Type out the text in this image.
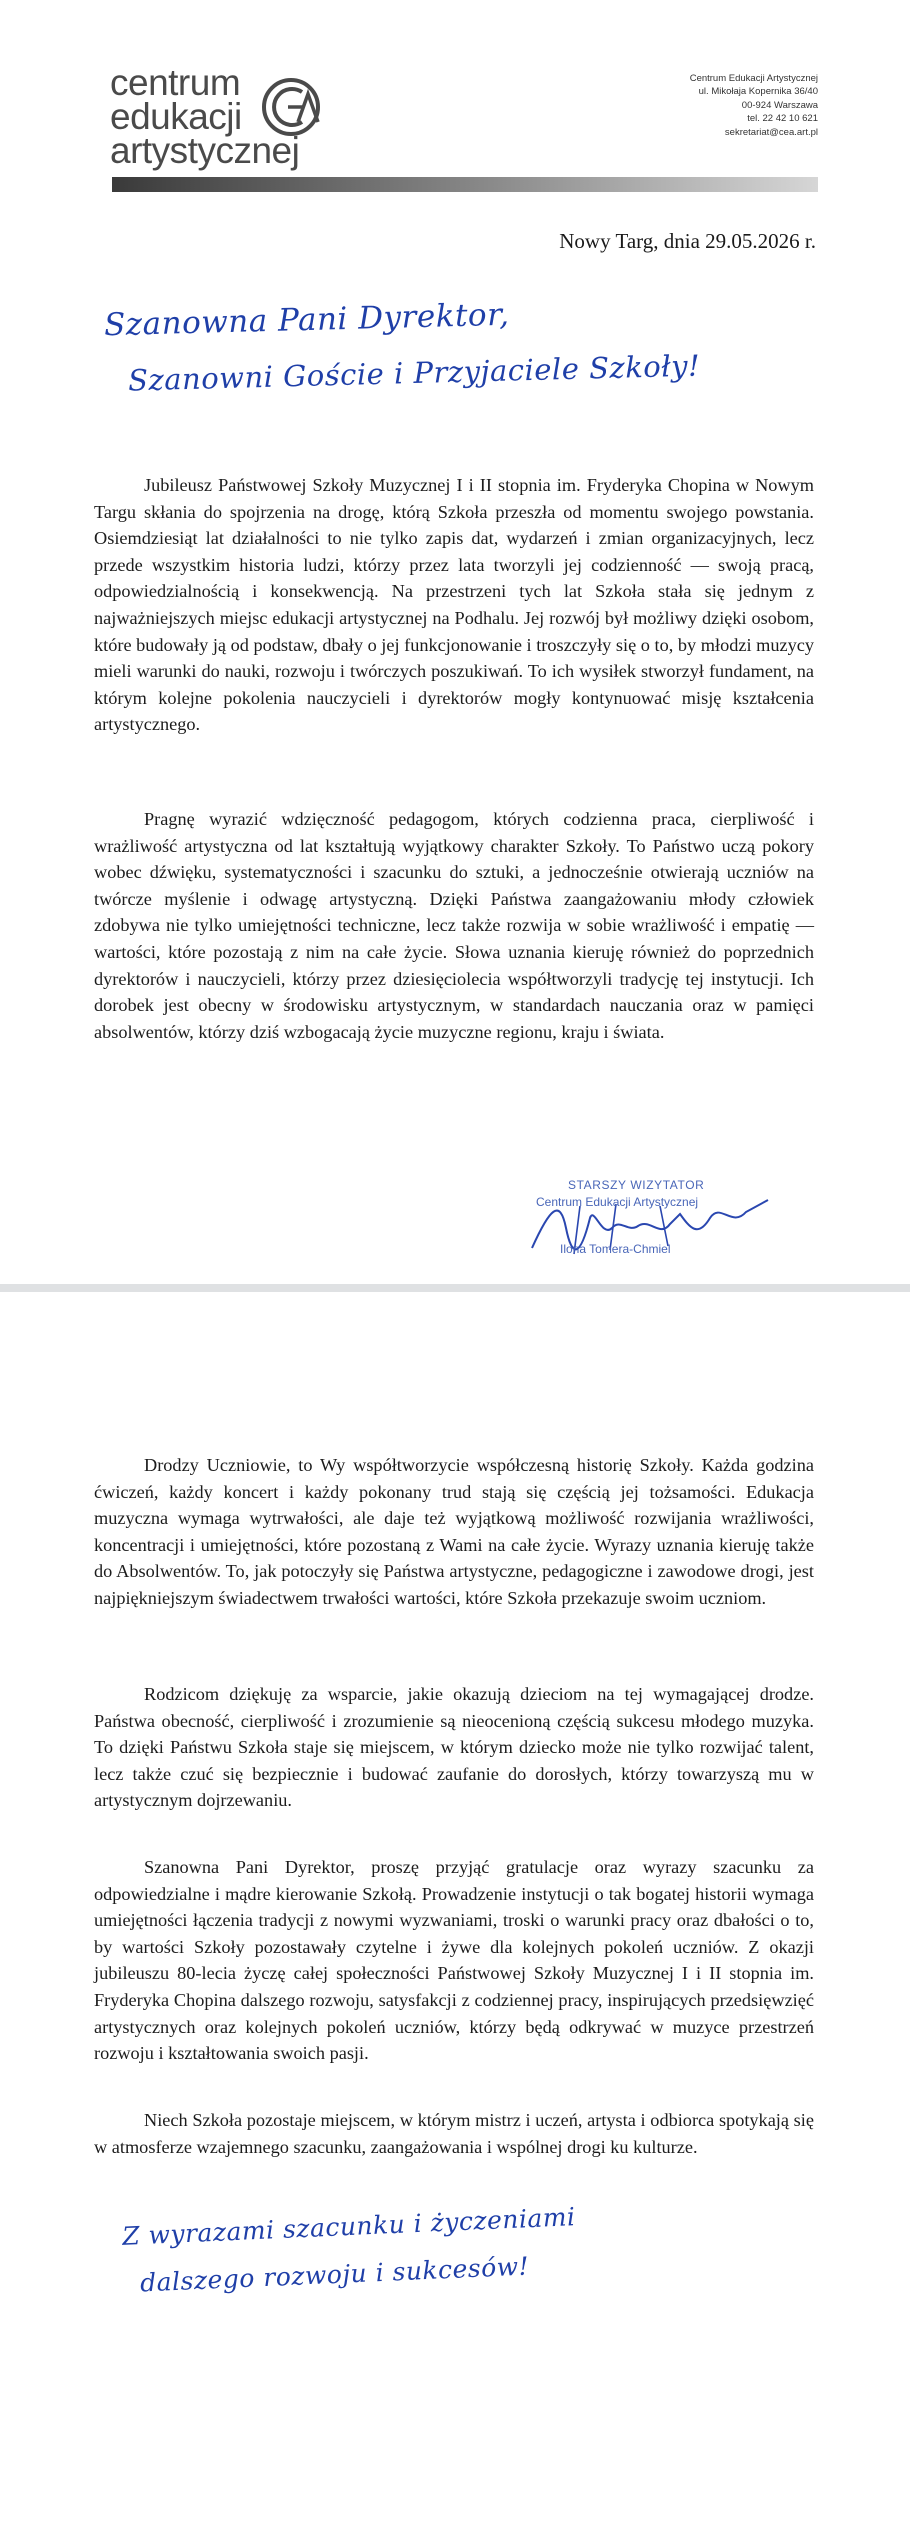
centrum
edukacji
artystycznej
Centrum Edukacji Artystycznej
ul. Mikołaja Kopernika 36/40
00-924 Warszawa
tel. 22 42 10 621
sekretariat@cea.art.pl
Nowy Targ, dnia 29.05.2026 r.
Szanowna Pani Dyrektor,
Szanowni Goście i Przyjaciele Szkoły!

Jubileusz Państwowej Szkoły Muzycznej I i II stopnia im. Fryderyka Chopina w Nowym Targu skłania do spojrzenia na drogę, którą Szkoła przeszła od momentu swojego powstania. Osiemdziesiąt lat działalności to nie tylko zapis dat, wydarzeń i zmian organizacyjnych, lecz przede wszystkim historia ludzi, którzy przez lata tworzyli jej codzienność — swoją pracą, odpowiedzialnością i konsekwencją. Na przestrzeni tych lat Szkoła stała się jednym z najważniejszych miejsc edukacji artystycznej na Podhalu. Jej rozwój był możliwy dzięki osobom, które budowały ją od podstaw, dbały o jej funkcjonowanie i troszczyły się o to, by młodzi muzycy mieli warunki do nauki, rozwoju i twórczych poszukiwań. To ich wysiłek stworzył fundament, na którym kolejne pokolenia nauczycieli i dyrektorów mogły kontynuować misję kształcenia artystycznego.

Pragnę wyrazić wdzięczność pedagogom, których codzienna praca, cierpliwość i wrażliwość artystyczna od lat kształtują wyjątkowy charakter Szkoły. To Państwo uczą pokory wobec dźwięku, systematyczności i szacunku do sztuki, a jednocześnie otwierają uczniów na twórcze myślenie i odwagę artystyczną. Dzięki Państwa zaangażowaniu młody człowiek zdobywa nie tylko umiejętności techniczne, lecz także rozwija w sobie wrażliwość i empatię — wartości, które pozostają z nim na całe życie. Słowa uznania kieruję również do poprzednich dyrektorów i nauczycieli, którzy przez dziesięciolecia współtworzyli tradycję tej instytucji. Ich dorobek jest obecny w środowisku artystycznym, w standardach nauczania oraz w pamięci absolwentów, którzy dziś wzbogacają życie muzyczne regionu, kraju i świata.

Drodzy Uczniowie, to Wy współtworzycie współczesną historię Szkoły. Każda godzina ćwiczeń, każdy koncert i każdy pokonany trud stają się częścią jej tożsamości. Edukacja muzyczna wymaga wytrwałości, ale daje też wyjątkową możliwość rozwijania wrażliwości, koncentracji i umiejętności, które pozostaną z Wami na całe życie. Wyrazy uznania kieruję także do Absolwentów. To, jak potoczyły się Państwa artystyczne, pedagogiczne i zawodowe drogi, jest najpiękniejszym świadectwem trwałości wartości, które Szkoła przekazuje swoim uczniom.

Rodzicom dziękuję za wsparcie, jakie okazują dzieciom na tej wymagającej drodze. Państwa obecność, cierpliwość i zrozumienie są nieocenioną częścią sukcesu młodego muzyka. To dzięki Państwu Szkoła staje się miejscem, w którym dziecko może nie tylko rozwijać talent, lecz także czuć się bezpiecznie i budować zaufanie do dorosłych, którzy towarzyszą mu w artystycznym dojrzewaniu.

Szanowna Pani Dyrektor, proszę przyjąć gratulacje oraz wyrazy szacunku za odpowiedzialne i mądre kierowanie Szkołą. Prowadzenie instytucji o tak bogatej historii wymaga umiejętności łączenia tradycji z nowymi wyzwaniami, troski o warunki pracy oraz dbałości o to, by wartości Szkoły pozostawały czytelne i żywe dla kolejnych pokoleń uczniów. Z okazji jubileuszu 80-lecia życzę całej społeczności Państwowej Szkoły Muzycznej I i II stopnia im. Fryderyka Chopina dalszego rozwoju, satysfakcji z codziennej pracy, inspirujących przedsięwzięć artystycznych oraz kolejnych pokoleń uczniów, którzy będą odkrywać w muzyce przestrzeń rozwoju i kształtowania swoich pasji.

Niech Szkoła pozostaje miejscem, w którym mistrz i uczeń, artysta i odbiorca spotykają się w atmosferze wzajemnego szacunku, zaangażowania i wspólnej drogi ku kulturze.

Z wyrazami szacunku i życzeniami
dalszego rozwoju i sukcesów!
STARSZY WIZYTATOR
Centrum Edukacji Artystycznej
Ilona Tomera-Chmiel
